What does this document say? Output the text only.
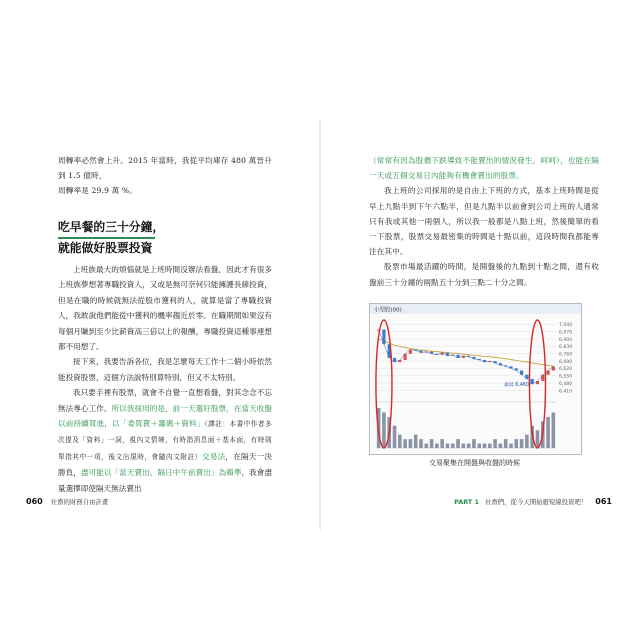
周轉率必然會上升。2015 年當時，我從平均庫存 480 萬晉升到 1.5 億時，

周轉率是 29.9 萬 %。

吃早餐的三十分鐘，
就能做好股票投資

上班族最大的煩惱就是上班時間沒辦法看盤，因此才有很多上班族夢想著專職投資人，又或是無可奈何只能擁護長線投資，但是在職的時候就無法從股市獲利的人，就算是當了專職投資人，我敢說他們能從中獲利的機率趨近於零。在職期間如果沒有每個月賺到至少比薪資高三倍以上的報酬，專職投資這種事連想都不用想了。

接下來，我要告訴各位，我是怎麼每天工作十二個小時依然能投資股票，這個方法說特別算特別，但又不太特別。

我只要手裡有股票，就會不自覺一直想看盤，對其念念不忘無法專心工作。所以我採用的是，前一天選好股票，在當天收盤以前持續買進，以「委買賣＋籌碼＋資料」（譯註：本書中作者多次提及「資料」一詞，視內文情境，有時指消息面＋基本面，有時則單指其中一項，後文出現時，會隨內文附註）交易法，在隔天一決勝負，盡可能以「當天賣出、隔日中午前賣出」為賴準，我會盡量選擇即使隔天無法賣出

（常常有因為股價下跌導致不能賣出的情況發生，呵呵），也能在隔一天或五個交易日內能夠有機會賣出的股票。

我上班的公司採用的是自由上下班的方式，基本上班時間是從早上九點半到下午六點半，但是九點半以前會到公司上班的人通常只有我或其他一兩個人，所以我一般都是八點上班，然後簡單的看一下股票，股票交易最密集的時間是十點以前，這段時間我都能專注在其中。

股票市場最活躍的時間，是開盤後的九點到十點之間，還有收盤前三十分鐘的兩點五十分到三點二十分之間。

小型股(00)
7,040
6,970
6,900
6,830
6,760
6,690
6,620
6,550
6,480
6,410
最低 6,460
交易聚集在開盤與收盤的時候
060 社畜的財務自由計畫	PART 1 社畜們，從今天開始避短線投資吧！ 061
